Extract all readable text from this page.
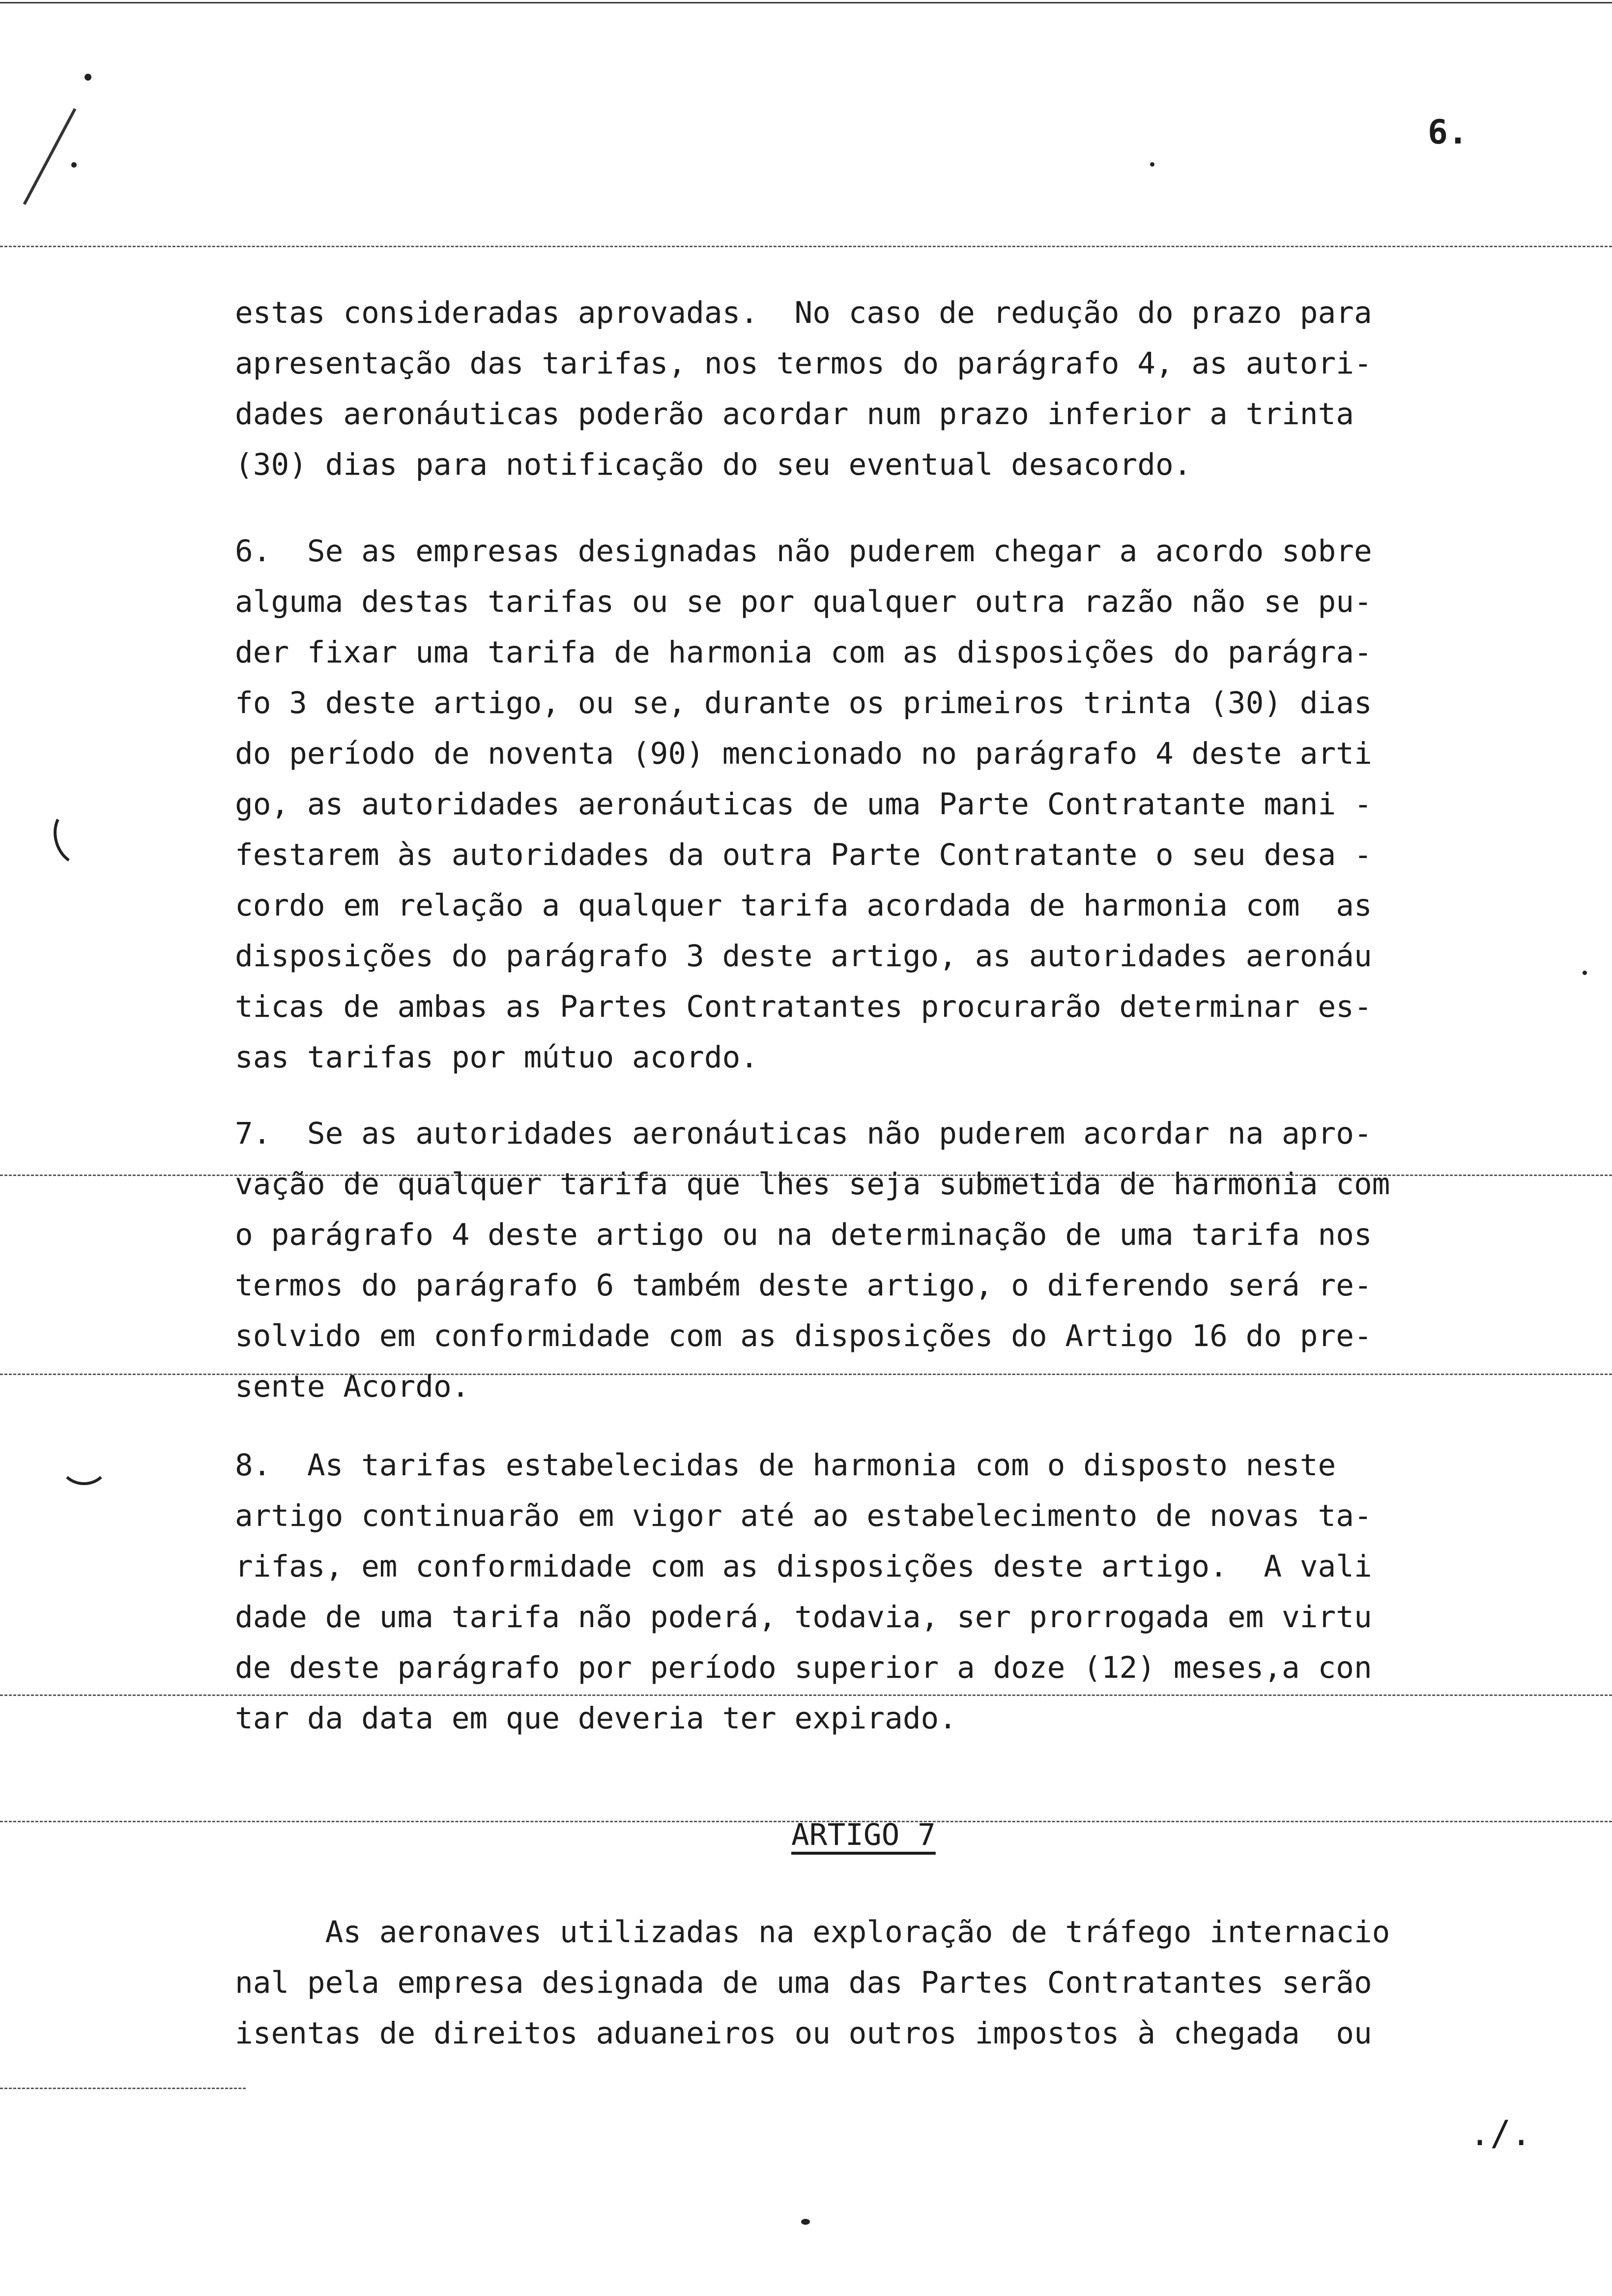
6.
estas consideradas aprovadas.  No caso de redução do prazo para
apresentação das tarifas, nos termos do parágrafo 4, as autori-
dades aeronáuticas poderão acordar num prazo inferior a trinta
(30) dias para notificação do seu eventual desacordo.
6.  Se as empresas designadas não puderem chegar a acordo sobre
alguma destas tarifas ou se por qualquer outra razão não se pu-
der fixar uma tarifa de harmonia com as disposições do parágra-
fo 3 deste artigo, ou se, durante os primeiros trinta (30) dias
do período de noventa (90) mencionado no parágrafo 4 deste arti
go, as autoridades aeronáuticas de uma Parte Contratante mani -
festarem às autoridades da outra Parte Contratante o seu desa -
cordo em relação a qualquer tarifa acordada de harmonia com  as
disposições do parágrafo 3 deste artigo, as autoridades aeronáu
ticas de ambas as Partes Contratantes procurarão determinar es-
sas tarifas por mútuo acordo.
7.  Se as autoridades aeronáuticas não puderem acordar na apro-
vação de qualquer tarifa que lhes seja submetida de harmonia com
o parágrafo 4 deste artigo ou na determinação de uma tarifa nos
termos do parágrafo 6 também deste artigo, o diferendo será re-
solvido em conformidade com as disposições do Artigo 16 do pre-
sente Acordo.
8.  As tarifas estabelecidas de harmonia com o disposto neste
artigo continuarão em vigor até ao estabelecimento de novas ta-
rifas, em conformidade com as disposições deste artigo.  A vali
dade de uma tarifa não poderá, todavia, ser prorrogada em virtu
de deste parágrafo por período superior a doze (12) meses,a con
tar da data em que deveria ter expirado.
ARTIGO 7
As aeronaves utilizadas na exploração de tráfego internacio
nal pela empresa designada de uma das Partes Contratantes serão
isentas de direitos aduaneiros ou outros impostos à chegada  ou
./.
